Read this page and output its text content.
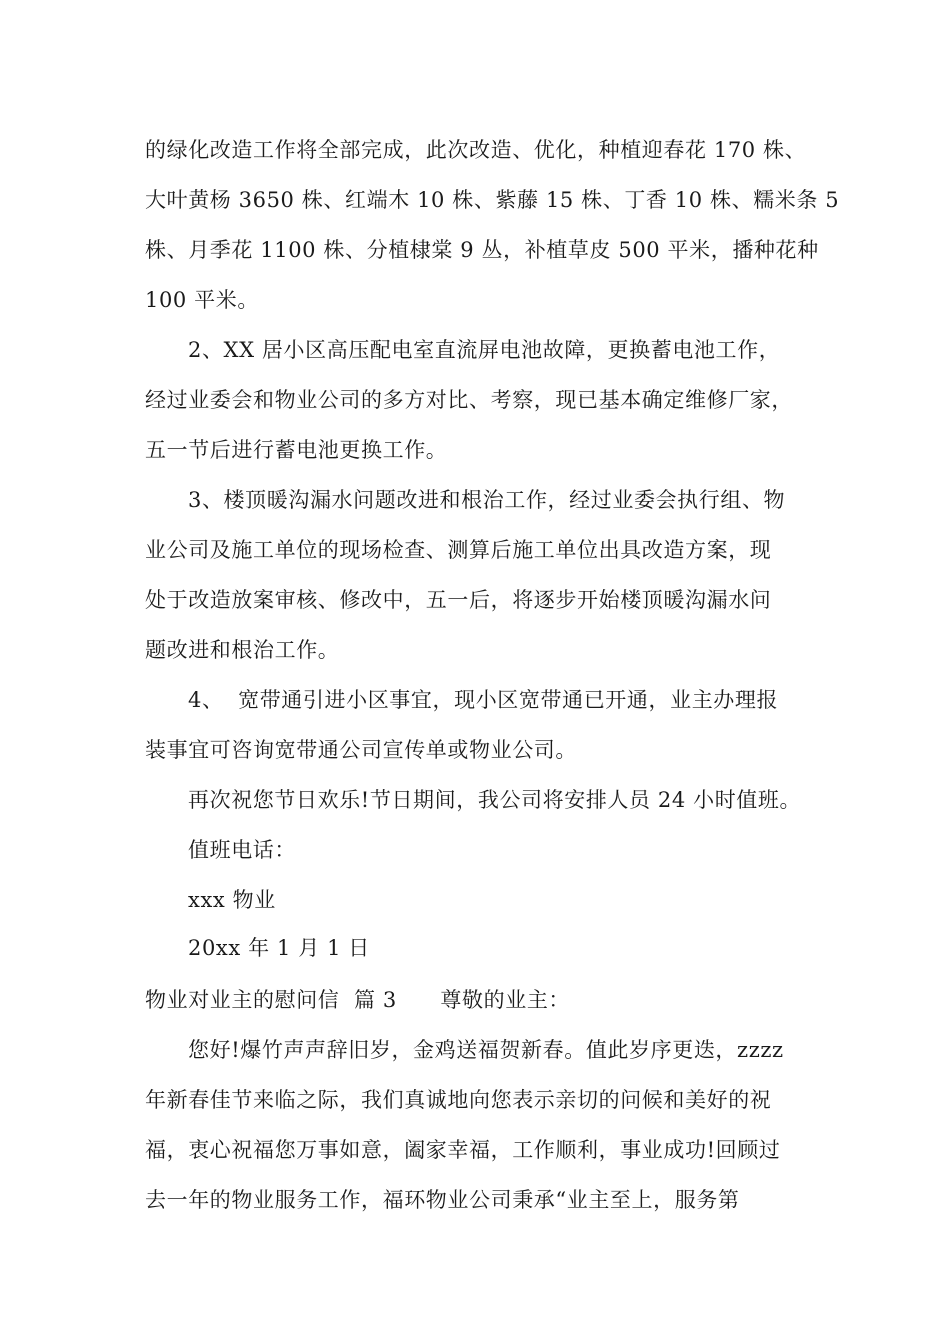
的绿化改造工作将全部完成，此次改造、优化，种植迎春花 170 株、
大叶黄杨 3650 株、红端木 10 株、紫藤 15 株、丁香 10 株、糯米条 5
株、月季花 1100 株、分植棣棠 9 丛，补植草皮 500 平米，播种花种
100 平米。
2、XX 居小区高压配电室直流屏电池故障，更换蓄电池工作，
经过业委会和物业公司的多方对比、考察，现已基本确定维修厂家，
五一节后进行蓄电池更换工作。
3、楼顶暖沟漏水问题改进和根治工作，经过业委会执行组、物
业公司及施工单位的现场检查、测算后施工单位出具改造方案，现
处于改造放案审核、修改中，五一后，将逐步开始楼顶暖沟漏水问
题改进和根治工作。
4、  宽带通引进小区事宜，现小区宽带通已开通，业主办理报
装事宜可咨询宽带通公司宣传单或物业公司。
再次祝您节日欢乐!节日期间，我公司将安排人员 24 小时值班。
值班电话：
xxx 物业
20xx 年 1 月 1 日
物业对业主的慰问信  篇 3      尊敬的业主：
您好!爆竹声声辞旧岁，金鸡送福贺新春。值此岁序更迭，zzzz
年新春佳节来临之际，我们真诚地向您表示亲切的问候和美好的祝
福，衷心祝福您万事如意，阖家幸福，工作顺利，事业成功!回顾过
去一年的物业服务工作，福环物业公司秉承“业主至上，服务第
